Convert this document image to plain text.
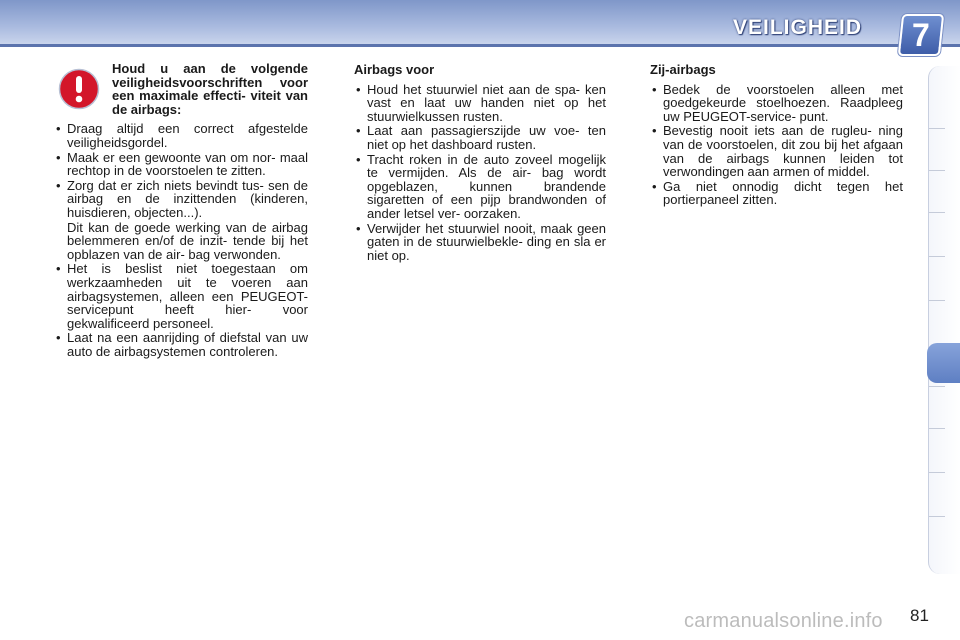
VEILIGHEID	7
Houd u aan de volgende veiligheidsvoorschriften voor een maximale effecti- viteit van de airbags:
• Draag altijd een correct afgestelde veiligheidsgordel.
• Maak er een gewoonte van om nor- maal rechtop in de voorstoelen te zitten.
• Zorg dat er zich niets bevindt tus- sen de airbag en de inzittenden (kinderen, huisdieren, objecten...).
Dit kan de goede werking van de airbag belemmeren en/of de inzit- tende bij het opblazen van de air- bag verwonden.
• Het is beslist niet toegestaan om werkzaamheden uit te voeren aan airbagsystemen, alleen een PEUGEOT-servicepunt heeft hier- voor gekwalificeerd personeel.
• Laat na een aanrijding of diefstal van uw auto de airbagsystemen controleren.
Airbags voor
• Houd het stuurwiel niet aan de spa- ken vast en laat uw handen niet op het stuurwielkussen rusten.
• Laat aan passagierszijde uw voe- ten niet op het dashboard rusten.
• Tracht roken in de auto zoveel mogelijk te vermijden. Als de air- bag wordt opgeblazen, kunnen brandende sigaretten of een pijp brandwonden of ander letsel ver- oorzaken.
• Verwijder het stuurwiel nooit, maak geen gaten in de stuurwielbekle- ding en sla er niet op.
Zij-airbags
• Bedek de voorstoelen alleen met goedgekeurde stoelhoezen. Raadpleeg uw PEUGEOT-service- punt.
• Bevestig nooit iets aan de rugleu- ning van de voorstoelen, dit zou bij het afgaan van de airbags kunnen leiden tot verwondingen aan armen of middel.
• Ga niet onnodig dicht tegen het portierpaneel zitten.
carmanualsonline.info 81
